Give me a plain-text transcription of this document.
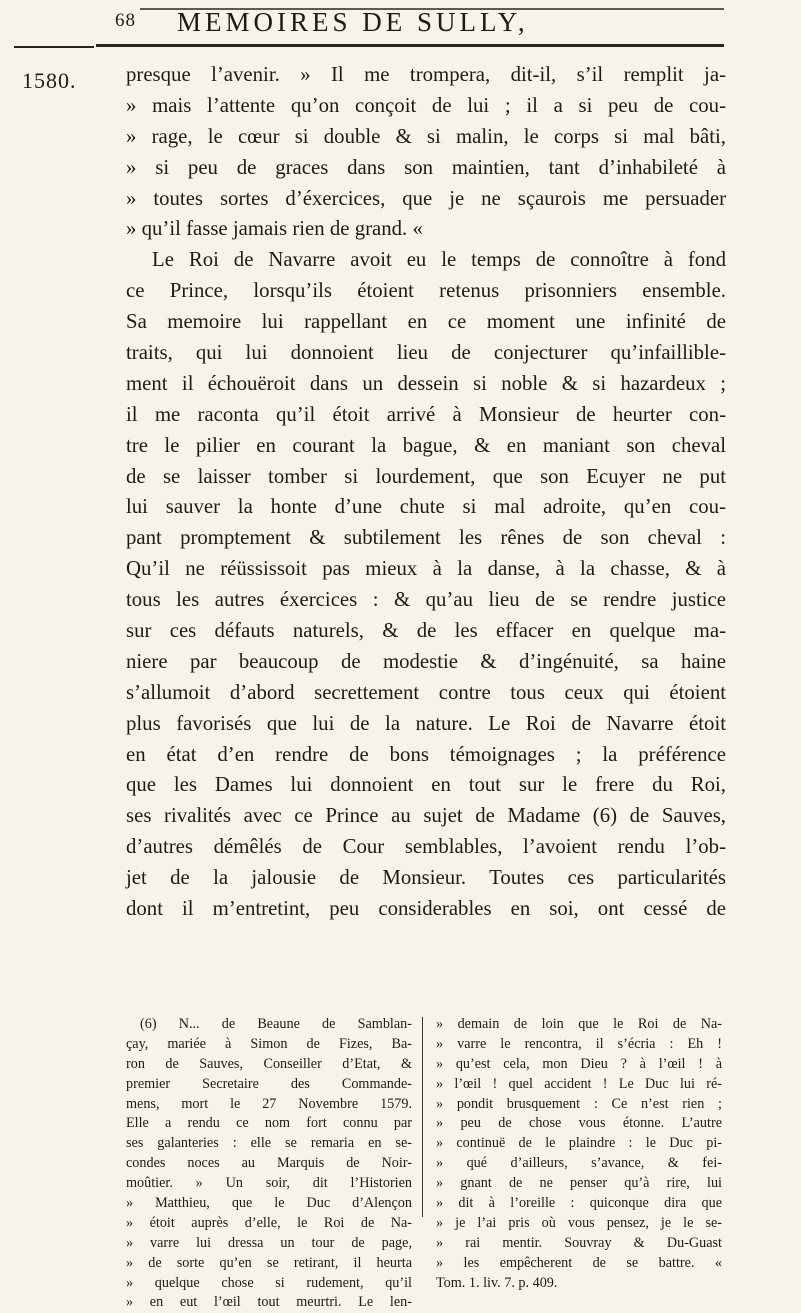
68 MEMOIRES DE SULLY,
1580. presque l’avenir. » Il me trompera, dit-il, s’il remplit ja-
» mais l’attente qu’on conçoit de lui ; il a si peu de cou-
» rage, le cœur si double & si malin, le corps si mal bâti,
» si peu de graces dans son maintien, tant d’inhabileté à
» toutes sortes d’éxercices, que je ne sçaurois me persuader
» qu’il fasse jamais rien de grand. «
Le Roi de Navarre avoit eu le temps de connoître à fond
ce Prince, lorsqu’ils étoient retenus prisonniers ensemble.
Sa memoire lui rappellant en ce moment une infinité de
traits, qui lui donnoient lieu de conjecturer qu’infaillible-
ment il échouëroit dans un dessein si noble & si hazardeux ;
il me raconta qu’il étoit arrivé à Monsieur de heurter con-
tre le pilier en courant la bague, & en maniant son cheval
de se laisser tomber si lourdement, que son Ecuyer ne put
lui sauver la honte d’une chute si mal adroite, qu’en cou-
pant promptement & subtilement les rênes de son cheval :
Qu’il ne réüssissoit pas mieux à la danse, à la chasse, & à
tous les autres éxercices : & qu’au lieu de se rendre justice
sur ces défauts naturels, & de les effacer en quelque ma-
niere par beaucoup de modestie & d’ingénuité, sa haine
s’allumoit d’abord secrettement contre tous ceux qui étoient
plus favorisés que lui de la nature. Le Roi de Navarre étoit
en état d’en rendre de bons témoignages ; la préférence
que les Dames lui donnoient en tout sur le frere du Roi,
ses rivalités avec ce Prince au sujet de Madame (6) de Sauves,
d’autres démêlés de Cour semblables, l’avoient rendu l’ob-
jet de la jalousie de Monsieur. Toutes ces particularités
dont il m’entretint, peu considerables en soi, ont cessé de
(6) N... de Beaune de Samblan-
çay, mariée à Simon de Fizes, Ba-
ron de Sauves, Conseiller d’Etat, &
premier Secretaire des Commande-
mens, mort le 27 Novembre 1579.
Elle a rendu ce nom fort connu par
ses galanteries : elle se remaria en se-
condes noces au Marquis de Noir-
moûtier. » Un soir, dit l’Historien
» Matthieu, que le Duc d’Alençon
» étoit auprès d’elle, le Roi de Na-
» varre lui dressa un tour de page,
» de sorte qu’en se retirant, il heurta
» quelque chose si rudement, qu’il
» en eut l’œil tout meurtri. Le len-
» demain de loin que le Roi de Na-
» varre le rencontra, il s’écria : Eh !
» qu’est cela, mon Dieu ? à l’œil ! à
» l’œil ! quel accident ! Le Duc lui ré-
» pondit brusquement : Ce n’est rien ;
» peu de chose vous étonne. L’autre
» continuë de le plaindre : le Duc pi-
» qué d’ailleurs, s’avance, & fei-
» gnant de ne penser qu’à rire, lui
» dit à l’oreille : quiconque dira que
» je l’ai pris où vous pensez, je le se-
» rai mentir. Souvray & Du-Guast
» les empêcherent de se battre. «
Tom. 1. liv. 7. p. 409.
